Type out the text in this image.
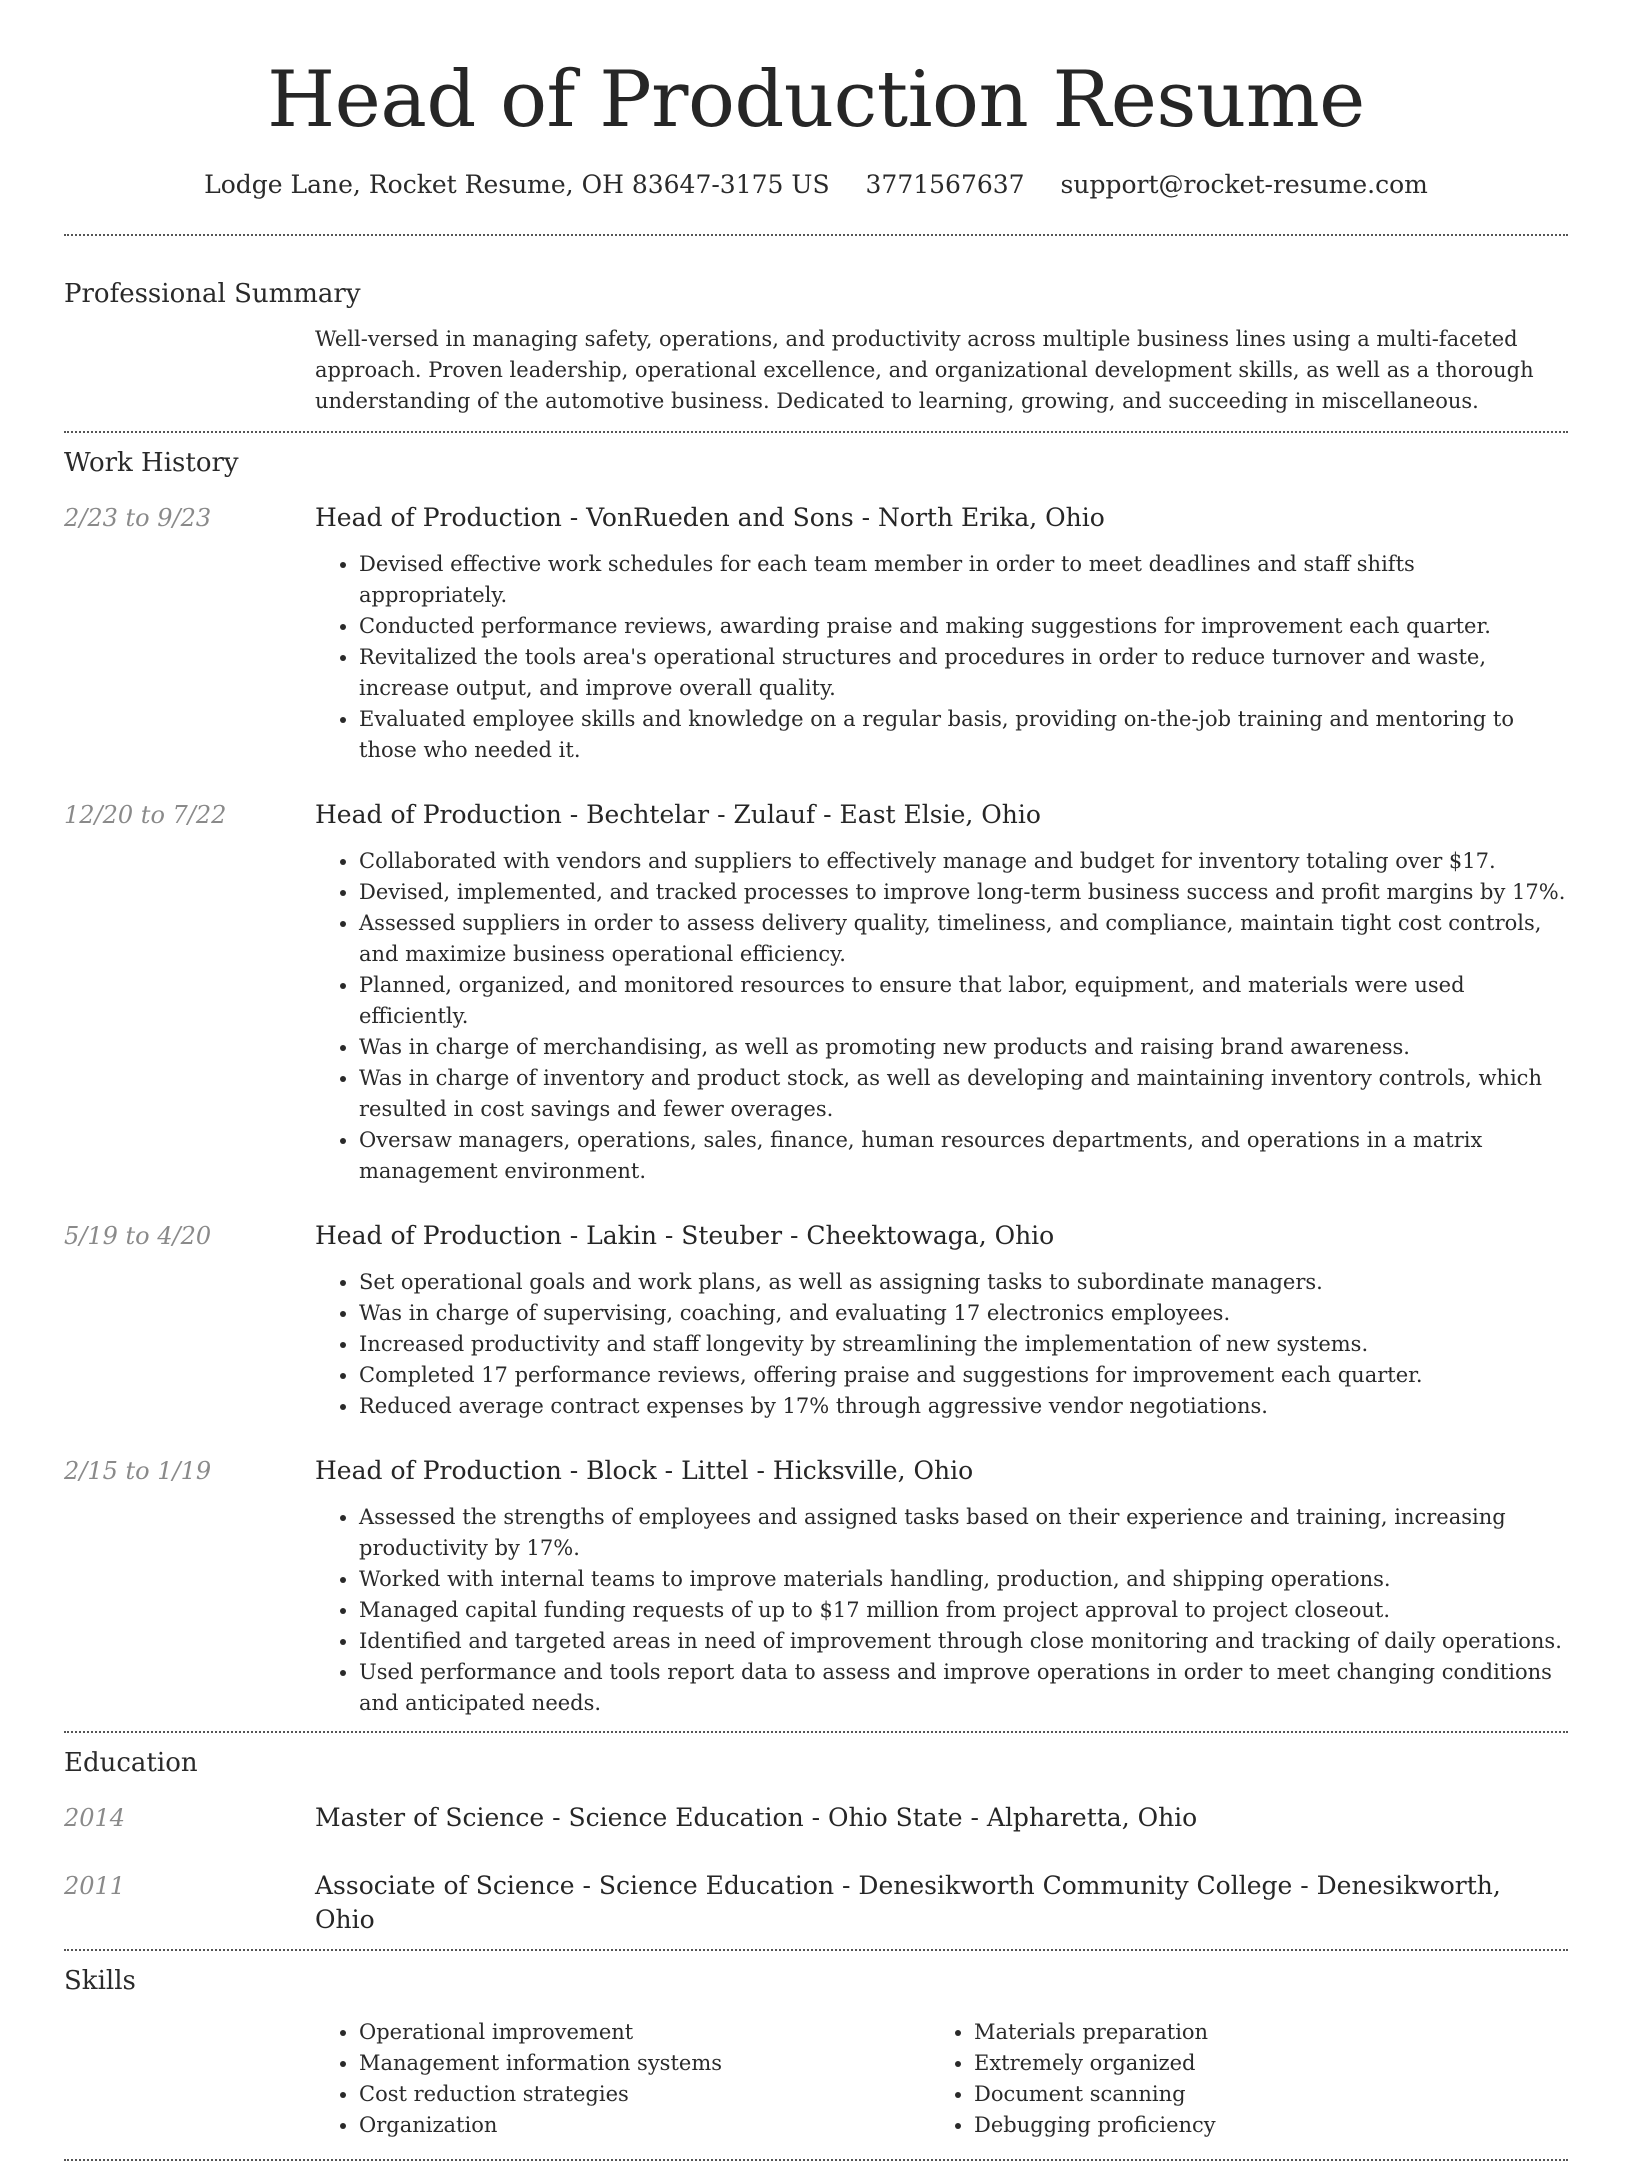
Head of Production Resume
Lodge Lane, Rocket Resume, OH 83647-3175 US 3771567637 support@rocket-resume.com
Professional Summary

Well-versed in managing safety, operations, and productivity across multiple business lines using a multi-faceted approach. Proven leadership, operational excellence, and organizational development skills, as well as a thorough understanding of the automotive business. Dedicated to learning, growing, and succeeding in miscellaneous.

Work History
2/23 to 9/23	Head of Production - VonRueden and Sons - North Erika, Ohio
• Devised effective work schedules for each team member in order to meet deadlines and staff shifts appropriately.
• Conducted performance reviews, awarding praise and making suggestions for improvement each quarter.
• Revitalized the tools area's operational structures and procedures in order to reduce turnover and waste, increase output, and improve overall quality.
• Evaluated employee skills and knowledge on a regular basis, providing on-the-job training and mentoring to those who needed it.
12/20 to 7/22	Head of Production - Bechtelar - Zulauf - East Elsie, Ohio
• Collaborated with vendors and suppliers to effectively manage and budget for inventory totaling over $17.
• Devised, implemented, and tracked processes to improve long-term business success and profit margins by 17%.
• Assessed suppliers in order to assess delivery quality, timeliness, and compliance, maintain tight cost controls, and maximize business operational efficiency.
• Planned, organized, and monitored resources to ensure that labor, equipment, and materials were used efficiently.
• Was in charge of merchandising, as well as promoting new products and raising brand awareness.
• Was in charge of inventory and product stock, as well as developing and maintaining inventory controls, which resulted in cost savings and fewer overages.
• Oversaw managers, operations, sales, finance, human resources departments, and operations in a matrix management environment.
5/19 to 4/20	Head of Production - Lakin - Steuber - Cheektowaga, Ohio
• Set operational goals and work plans, as well as assigning tasks to subordinate managers.
• Was in charge of supervising, coaching, and evaluating 17 electronics employees.
• Increased productivity and staff longevity by streamlining the implementation of new systems.
• Completed 17 performance reviews, offering praise and suggestions for improvement each quarter.
• Reduced average contract expenses by 17% through aggressive vendor negotiations.
2/15 to 1/19	Head of Production - Block - Littel - Hicksville, Ohio
• Assessed the strengths of employees and assigned tasks based on their experience and training, increasing productivity by 17%.
• Worked with internal teams to improve materials handling, production, and shipping operations.
• Managed capital funding requests of up to $17 million from project approval to project closeout.
• Identified and targeted areas in need of improvement through close monitoring and tracking of daily operations.
• Used performance and tools report data to assess and improve operations in order to meet changing conditions and anticipated needs.
Education
2014	Master of Science - Science Education - Ohio State - Alpharetta, Ohio
2011	Associate of Science - Science Education - Denesikworth Community College - Denesikworth, Ohio
Skills
• Operational improvement
• Management information systems
• Cost reduction strategies
• Organization
• Materials preparation
• Extremely organized
• Document scanning
• Debugging proficiency
